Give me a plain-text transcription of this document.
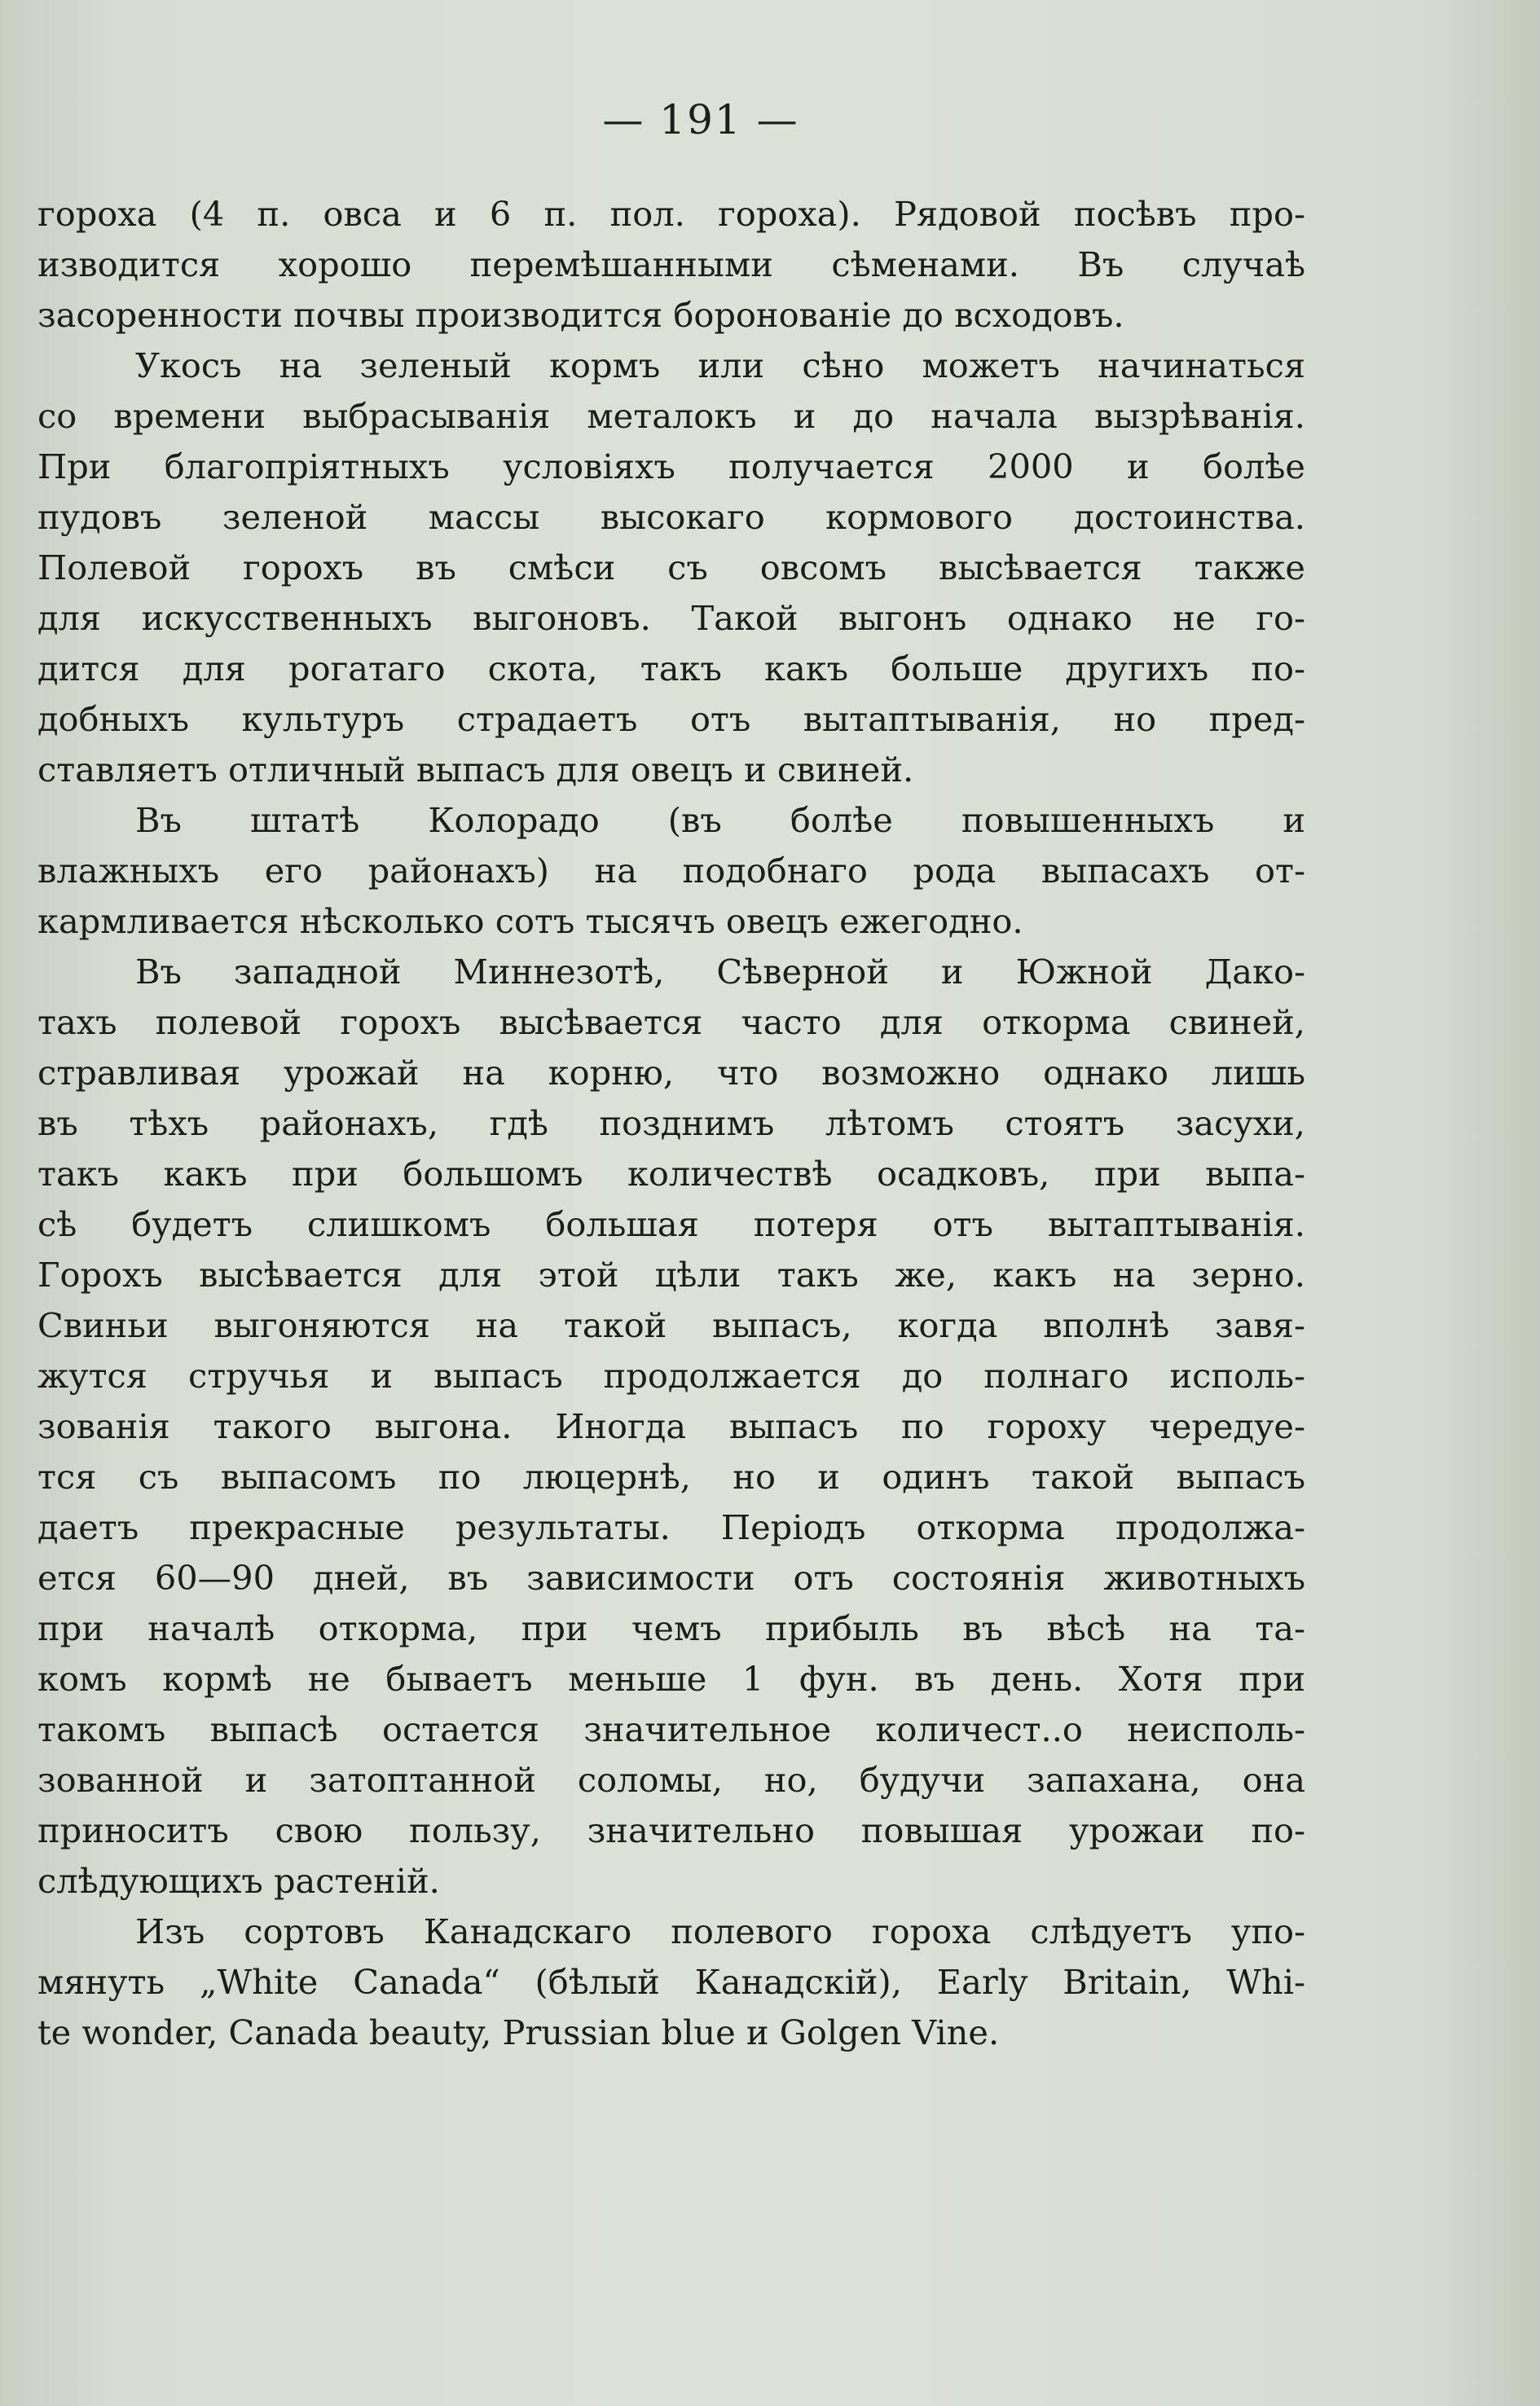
— 191 —
гороха (4 п. овса и 6 п. пол. гороха). Рядовой посѣвъ про-
изводится хорошо перемѣшанными сѣменами. Въ случаѣ
засоренности почвы производится боронованіе до всходовъ.
Укосъ на зеленый кормъ или сѣно можетъ начинаться
со времени выбрасыванія металокъ и до начала вызрѣванія.
При благопріятныхъ условіяхъ получается 2000 и болѣе
пудовъ зеленой массы высокаго кормового достоинства.
Полевой горохъ въ смѣси съ овсомъ высѣвается также
для искусственныхъ выгоновъ. Такой выгонъ однако не го-
дится для рогатаго скота, такъ какъ больше другихъ по-
добныхъ культуръ страдаетъ отъ вытаптыванія, но пред-
ставляетъ отличный выпасъ для овецъ и свиней.
Въ штатѣ Колорадо (въ болѣе повышенныхъ и
влажныхъ его районахъ) на подобнаго рода выпасахъ от-
кармливается нѣсколько сотъ тысячъ овецъ ежегодно.
Въ западной Миннезотѣ, Сѣверной и Южной Дако-
тахъ полевой горохъ высѣвается часто для откорма свиней,
стравливая урожай на корню, что возможно однако лишь
въ тѣхъ районахъ, гдѣ позднимъ лѣтомъ стоятъ засухи,
такъ какъ при большомъ количествѣ осадковъ, при выпа-
сѣ будетъ слишкомъ большая потеря отъ вытаптыванія.
Горохъ высѣвается для этой цѣли такъ же, какъ на зерно.
Свиньи выгоняются на такой выпасъ, когда вполнѣ завя-
жутся стручья и выпасъ продолжается до полнаго исполь-
зованія такого выгона. Иногда выпасъ по гороху чередуе-
тся съ выпасомъ по люцернѣ, но и одинъ такой выпасъ
даетъ прекрасные результаты. Періодъ откорма продолжа-
ется 60—90 дней, въ зависимости отъ состоянія животныхъ
при началѣ откорма, при чемъ прибыль въ вѣсѣ на та-
комъ кормѣ не бываетъ меньше 1 фун. въ день. Хотя при
такомъ выпасѣ остается значительное количест..о неисполь-
зованной и затоптанной соломы, но, будучи запахана, она
приноситъ свою пользу, значительно повышая урожаи по-
слѣдующихъ растеній.
Изъ сортовъ Канадскаго полевого гороха слѣдуетъ упо-
мянуть „White Canada“ (бѣлый Канадскій), Early Britain, Whi-
te wonder, Canada beauty, Prussian blue и Golgen Vine.
